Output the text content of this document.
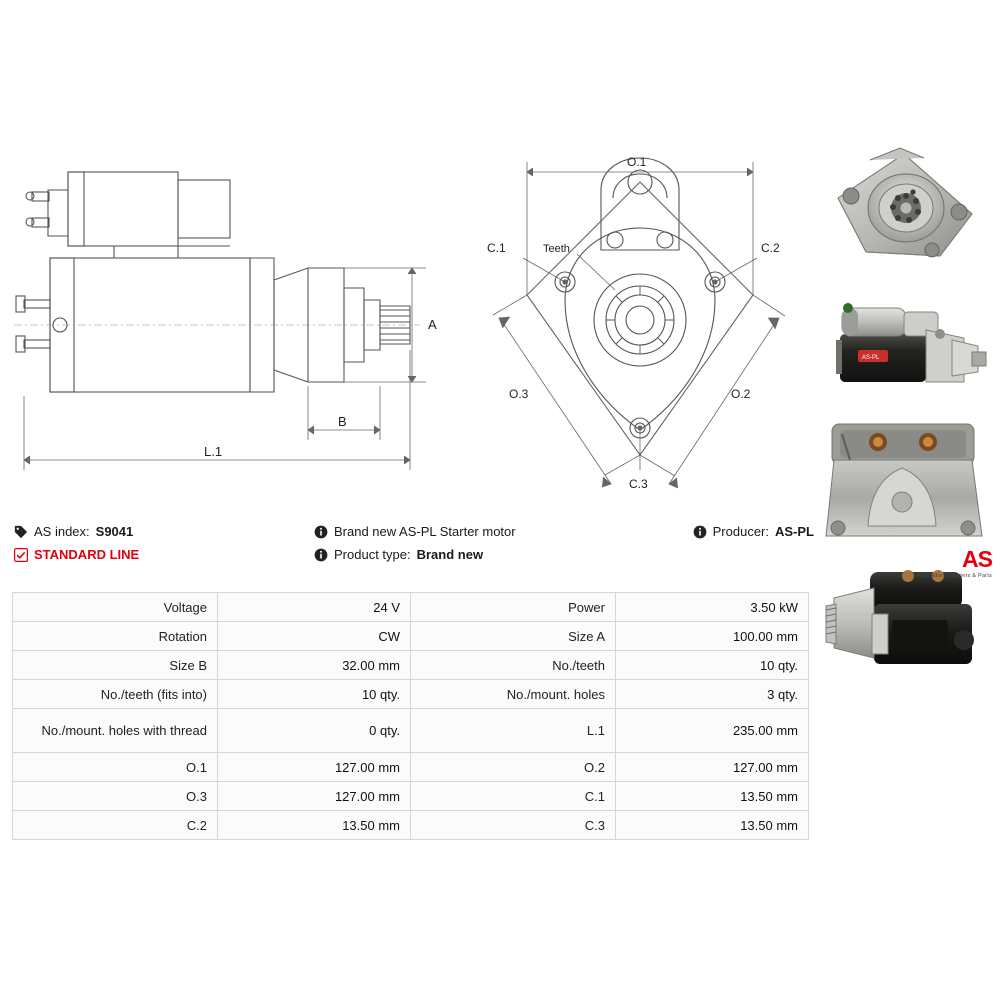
A
B
L.1
O.1
O.3	O.2
C.1	C.2
C.3
Teeth
AS-PL
AS index: S9041	Brand new AS-PL Starter motor	Producer: AS-PL
STANDARD LINE	Product type: Brand new	AS
Alternators, Starters & Parts
Voltage	24 V	Power	3.50 kW
Rotation	CW	Size A	100.00 mm
Size B	32.00 mm	No./teeth	10 qty.
No./teeth (fits into)	10 qty.	No./mount. holes	3 qty.
No./mount. holes with thread	0 qty.	L.1	235.00 mm
O.1	127.00 mm	O.2	127.00 mm
O.3	127.00 mm	C.1	13.50 mm
C.2	13.50 mm	C.3	13.50 mm
